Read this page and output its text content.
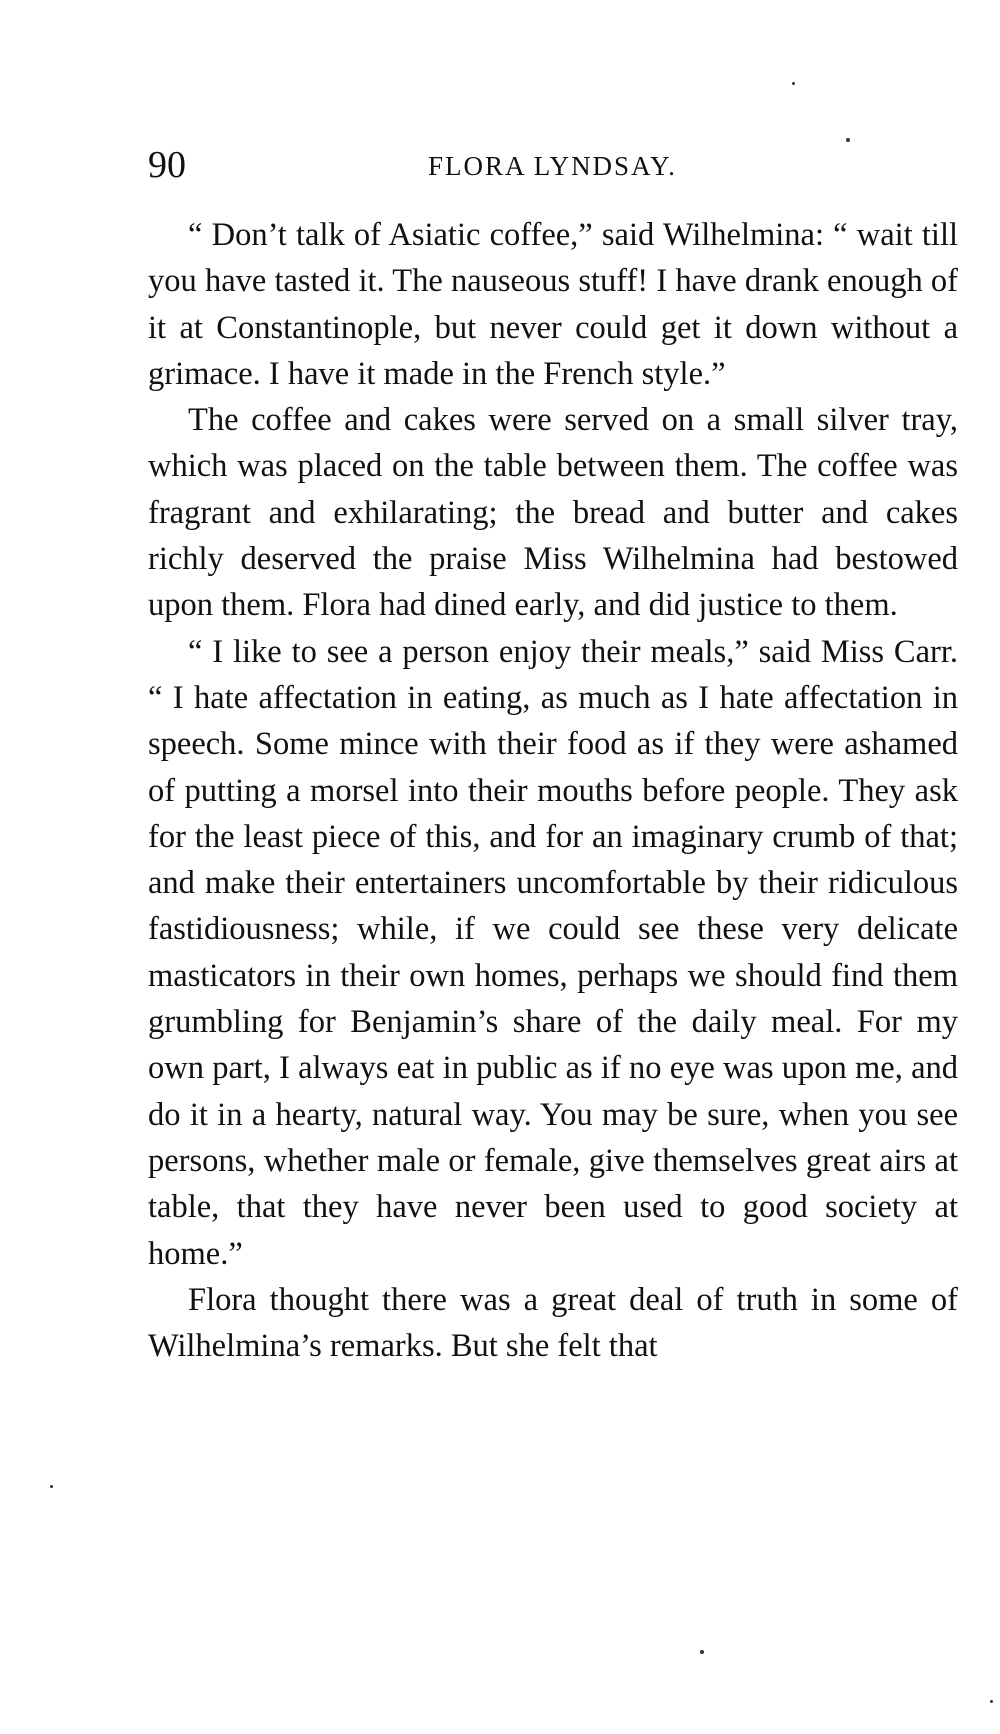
90	FLORA LYNDSAY.

“ Don’t talk of Asiatic coffee,” said Wilhelmina: “ wait till you have tasted it. The nauseous stuff! I have drank enough of it at Constantinople, but never could get it down without a grimace. I have it made in the French style.”

The coffee and cakes were served on a small silver tray, which was placed on the table between them. The coffee was fragrant and exhilarating; the bread and butter and cakes richly deserved the praise Miss Wilhelmina had bestowed upon them. Flora had dined early, and did justice to them.

“ I like to see a person enjoy their meals,” said Miss Carr. “ I hate affectation in eating, as much as I hate affectation in speech. Some mince with their food as if they were ashamed of putting a morsel into their mouths before people. They ask for the least piece of this, and for an imaginary crumb of that; and make their entertainers uncomfortable by their ridiculous fastidiousness; while, if we could see these very delicate masticators in their own homes, perhaps we should find them grumbling for Benjamin’s share of the daily meal. For my own part, I always eat in public as if no eye was upon me, and do it in a hearty, natural way. You may be sure, when you see persons, whether male or female, give themselves great airs at table, that they have never been used to good society at home.”

Flora thought there was a great deal of truth in some of Wilhelmina’s remarks. But she felt that
